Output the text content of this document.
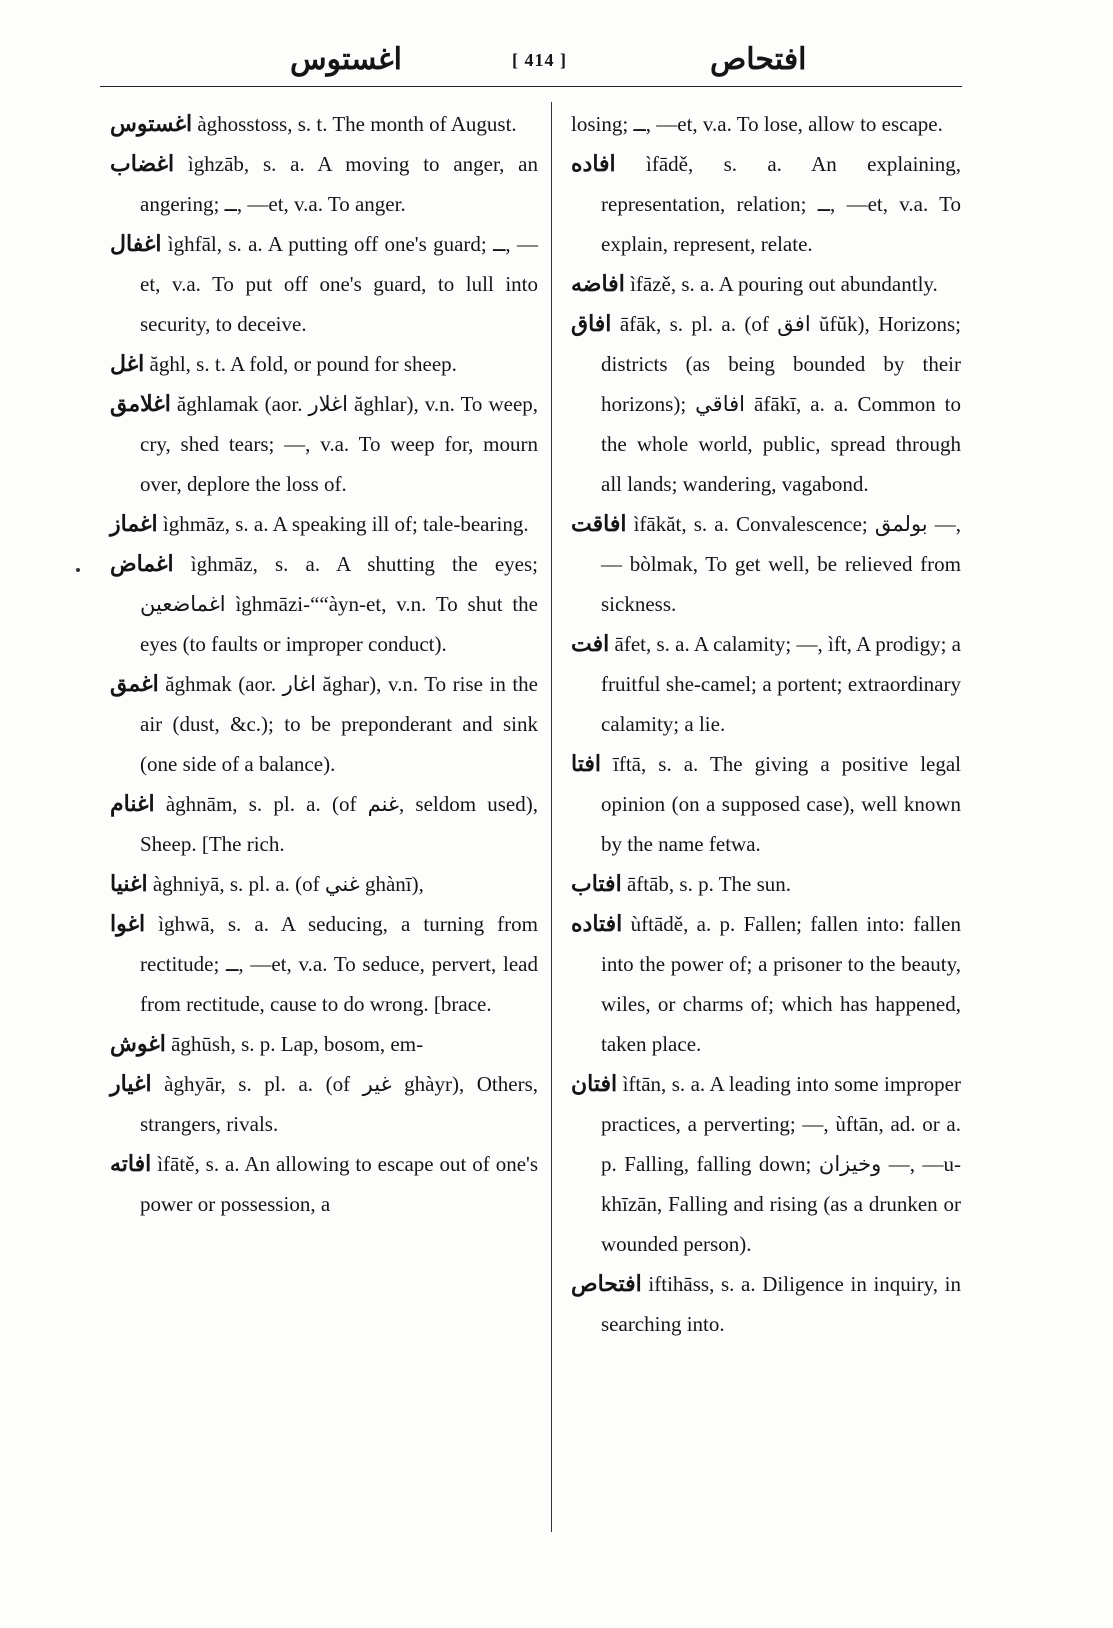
اغستوس	[ 414 ]	افتحاص
اغستوس àghosstoss, s. t. The month of August.
اغضاب ìghzāb, s. a. A moving to anger, an angering; ــ, —et, v.a. To anger.
اغفال ìghfāl, s. a. A putting off one's guard; ــ, —et, v.a. To put off one's guard, to lull into security, to deceive.
اغل ăghl, s. t. A fold, or pound for sheep.
اغلامق ăghlamak (aor. اغلار ăghlar), v.n. To weep, cry, shed tears; —, v.a. To weep for, mourn over, deplore the loss of.
اغماز ìghmāz, s. a. A speaking ill of; tale-bearing.
اغماض ìghmāz, s. a. A shutting the eyes; اغماضعين ìghmāzi-““àyn-et, v.n. To shut the eyes (to faults or improper conduct).
اغمق ăghmak (aor. اغار ăghar), v.n. To rise in the air (dust, &c.); to be preponderant and sink (one side of a balance).
اغنام àghnām, s. pl. a. (of غنم, seldom used), Sheep. [The rich.
اغنيا àghniyā, s. pl. a. (of غني ghànī),
اغوا ìghwā, s. a. A seducing, a turning from rectitude; ــ, —et, v.a. To seduce, pervert, lead from rectitude, cause to do wrong. [brace.
اغوش āghūsh, s. p. Lap, bosom, em-
اغيار àghyār, s. pl. a. (of غير ghàyr), Others, strangers, rivals.
افاته ìfātě, s. a. An allowing to escape out of one's power or possession, a
losing; ــ, —et, v.a. To lose, allow to escape.
افاده ìfādě, s. a. An explaining, representation, relation; ــ, —et, v.a. To explain, represent, relate.
افاضه ìfāzě, s. a. A pouring out abundantly.
افاق āfāk, s. pl. a. (of افق ŭfŭk), Horizons; districts (as being bounded by their horizons); افاقي āfākī, a. a. Common to the whole world, public, spread through all lands; wandering, vagabond.
افاقت ìfākăt, s. a. Convalescence; بولمق —, — bòlmak, To get well, be relieved from sickness.
افت āfet, s. a. A calamity; —, ìft, A prodigy; a fruitful she-camel; a portent; extraordinary calamity; a lie.
افتا īftā, s. a. The giving a positive legal opinion (on a supposed case), well known by the name fetwa.
افتاب āftāb, s. p. The sun.
افتاده ùftādě, a. p. Fallen; fallen into: fallen into the power of; a prisoner to the beauty, wiles, or charms of; which has happened, taken place.
افتان ìftān, s. a. A leading into some improper practices, a perverting; —, ùftān, ad. or a. p. Falling, falling down; وخيزان —, —u-khīzān, Falling and rising (as a drunken or wounded person).
افتحاص iftihāss, s. a. Diligence in inquiry, in searching into.
